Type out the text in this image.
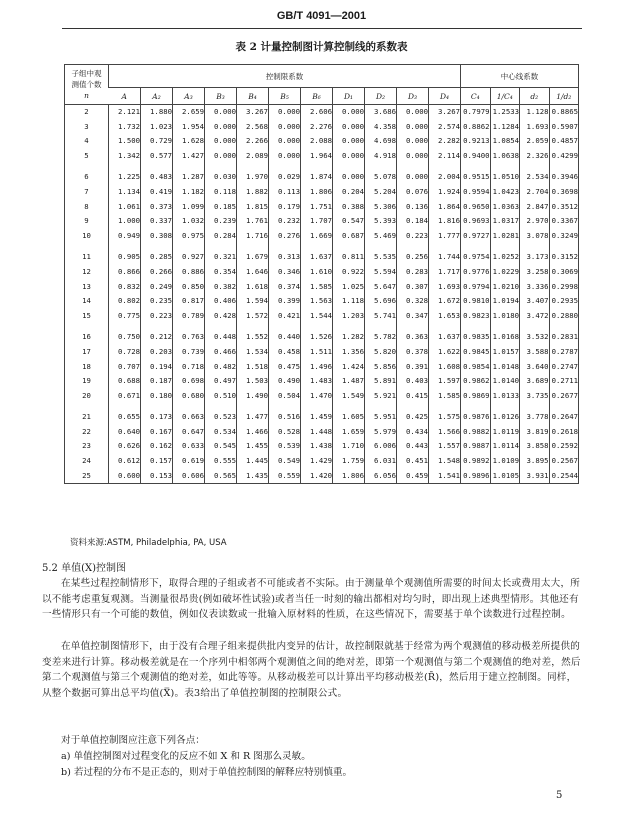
GB/T 4091—2001
表 2 计量控制图计算控制线的系数表
子组中观测值个数
n	控制限系数											中心线系数			
	A	A₂	A₃	B₃	B₄	B₅	B₆	D₁	D₂	D₃	D₄	C₄	1/C₄	d₂	1/d₂
2	2.121	1.880	2.659	0.000	3.267	0.000	2.606	0.000	3.686	0.000	3.267	0.7979	1.2533	1.128	0.8865
3	1.732	1.023	1.954	0.000	2.568	0.000	2.276	0.000	4.358	0.000	2.574	0.8862	1.1284	1.693	0.5907
4	1.500	0.729	1.628	0.000	2.266	0.000	2.088	0.000	4.698	0.000	2.282	0.9213	1.0854	2.059	0.4857
5	1.342	0.577	1.427	0.000	2.089	0.000	1.964	0.000	4.918	0.000	2.114	0.9400	1.0638	2.326	0.4299

6	1.225	0.483	1.287	0.030	1.970	0.029	1.874	0.000	5.078	0.000	2.004	0.9515	1.0510	2.534	0.3946
7	1.134	0.419	1.182	0.118	1.882	0.113	1.806	0.204	5.204	0.076	1.924	0.9594	1.0423	2.704	0.3698
8	1.061	0.373	1.099	0.185	1.815	0.179	1.751	0.388	5.306	0.136	1.864	0.9650	1.0363	2.847	0.3512
9	1.000	0.337	1.032	0.239	1.761	0.232	1.707	0.547	5.393	0.184	1.816	0.9693	1.0317	2.970	0.3367
10	0.949	0.308	0.975	0.284	1.716	0.276	1.669	0.687	5.469	0.223	1.777	0.9727	1.0281	3.078	0.3249

11	0.905	0.285	0.927	0.321	1.679	0.313	1.637	0.811	5.535	0.256	1.744	0.9754	1.0252	3.173	0.3152
12	0.866	0.266	0.886	0.354	1.646	0.346	1.610	0.922	5.594	0.283	1.717	0.9776	1.0229	3.258	0.3069
13	0.832	0.249	0.850	0.382	1.618	0.374	1.585	1.025	5.647	0.307	1.693	0.9794	1.0210	3.336	0.2998
14	0.802	0.235	0.817	0.406	1.594	0.399	1.563	1.118	5.696	0.328	1.672	0.9810	1.0194	3.407	0.2935
15	0.775	0.223	0.789	0.428	1.572	0.421	1.544	1.203	5.741	0.347	1.653	0.9823	1.0180	3.472	0.2880

16	0.750	0.212	0.763	0.448	1.552	0.440	1.526	1.282	5.782	0.363	1.637	0.9835	1.0168	3.532	0.2831
17	0.728	0.203	0.739	0.466	1.534	0.458	1.511	1.356	5.820	0.378	1.622	0.9845	1.0157	3.588	0.2787
18	0.707	0.194	0.718	0.482	1.518	0.475	1.496	1.424	5.856	0.391	1.608	0.9854	1.0148	3.640	0.2747
19	0.688	0.187	0.698	0.497	1.503	0.490	1.483	1.487	5.891	0.403	1.597	0.9862	1.0140	3.689	0.2711
20	0.671	0.180	0.680	0.510	1.490	0.504	1.470	1.549	5.921	0.415	1.585	0.9869	1.0133	3.735	0.2677

21	0.655	0.173	0.663	0.523	1.477	0.516	1.459	1.605	5.951	0.425	1.575	0.9876	1.0126	3.778	0.2647
22	0.640	0.167	0.647	0.534	1.466	0.528	1.448	1.659	5.979	0.434	1.566	0.9882	1.0119	3.819	0.2618
23	0.626	0.162	0.633	0.545	1.455	0.539	1.438	1.710	6.006	0.443	1.557	0.9887	1.0114	3.858	0.2592
24	0.612	0.157	0.619	0.555	1.445	0.549	1.429	1.759	6.031	0.451	1.548	0.9892	1.0109	3.895	0.2567
25	0.600	0.153	0.606	0.565	1.435	0.559	1.420	1.806	6.056	0.459	1.541	0.9896	1.0105	3.931	0.2544
资料来源:ASTM, Philadelphia, PA, USA
5.2 单值(X)控制图
在某些过程控制情形下，取得合理的子组或者不可能或者不实际。由于测量单个观测值所需要的时间太长或费用太大，所以不能考虑重复观测。当测量很昂贵(例如破坏性试验)或者当任一时刻的输出都相对均匀时，即出现上述典型情形。其他还有一些情形只有一个可能的数值，例如仪表读数或一批输入原材料的性质，在这些情况下，需要基于单个读数进行过程控制。
在单值控制图情形下，由于没有合理子组来提供批内变异的估计，故控制限就基于经常为两个观测值的移动极差所提供的变差来进行计算。移动极差就是在一个序列中相邻两个观测值之间的绝对差，即第一个观测值与第二个观测值的绝对差，然后第二个观测值与第三个观测值的绝对差，如此等等。从移动极差可以计算出平均移动极差(R̄)，然后用于建立控制图。同样，从整个数据可算出总平均值(X̿)。表3给出了单值控制图的控制限公式。
对于单值控制图应注意下列各点：
a) 单值控制图对过程变化的反应不如 X 和 R 图那么灵敏。
b) 若过程的分布不是正态的，则对于单值控制图的解释应特别慎重。
5
